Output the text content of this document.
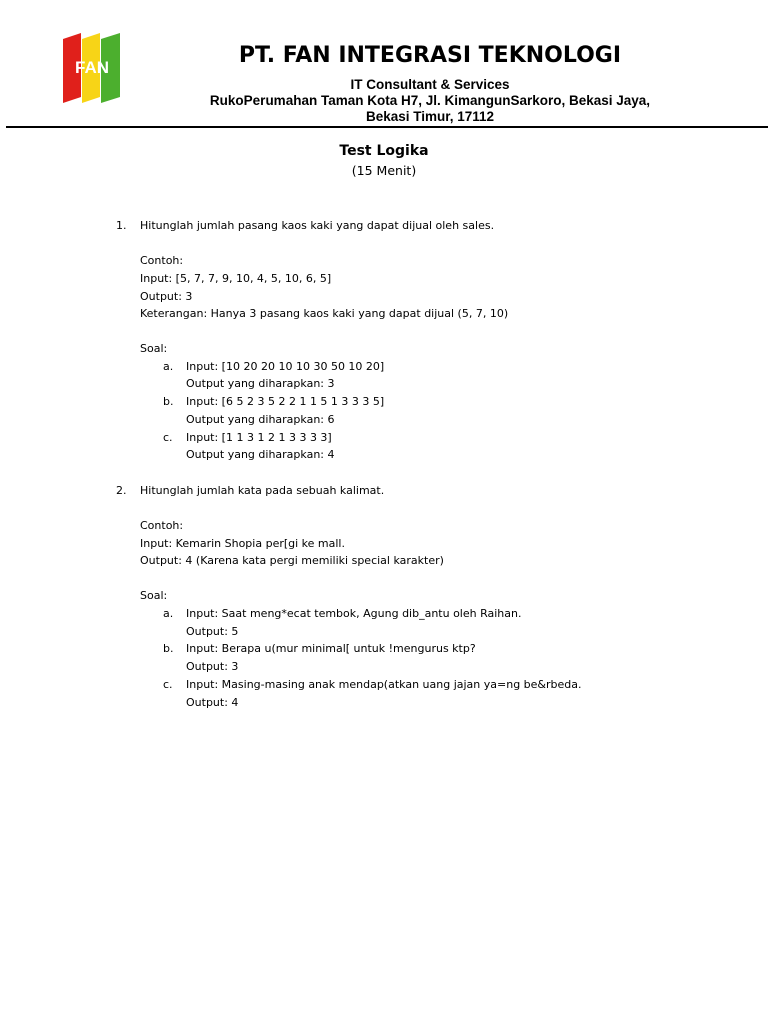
FAN	PT. FAN INTEGRASI TEKNOLOGI
IT Consultant & Services
RukoPerumahan Taman Kota H7, Jl. KimangunSarkoro, Bekasi Jaya,
Bekasi Timur, 17112
Test Logika
(15 Menit)
1. Hitunglah jumlah pasang kaos kaki yang dapat dijual oleh sales.
Contoh:
Input: [5, 7, 7, 9, 10, 4, 5, 10, 6, 5]
Output: 3
Keterangan: Hanya 3 pasang kaos kaki yang dapat dijual (5, 7, 10)
Soal:
a. Input: [10 20 20 10 10 30 50 10 20]
Output yang diharapkan: 3
b. Input: [6 5 2 3 5 2 2 1 1 5 1 3 3 3 5]
Output yang diharapkan: 6
c. Input: [1 1 3 1 2 1 3 3 3 3]
Output yang diharapkan: 4
2. Hitunglah jumlah kata pada sebuah kalimat.
Contoh:
Input: Kemarin Shopia per[gi ke mall.
Output: 4 (Karena kata pergi memiliki special karakter)
Soal:
a. Input: Saat meng*ecat tembok, Agung dib_antu oleh Raihan.
Output: 5
b. Input: Berapa u(mur minimal[ untuk !mengurus ktp?
Output: 3
c. Input: Masing-masing anak mendap(atkan uang jajan ya=ng be&rbeda.
Output: 4
